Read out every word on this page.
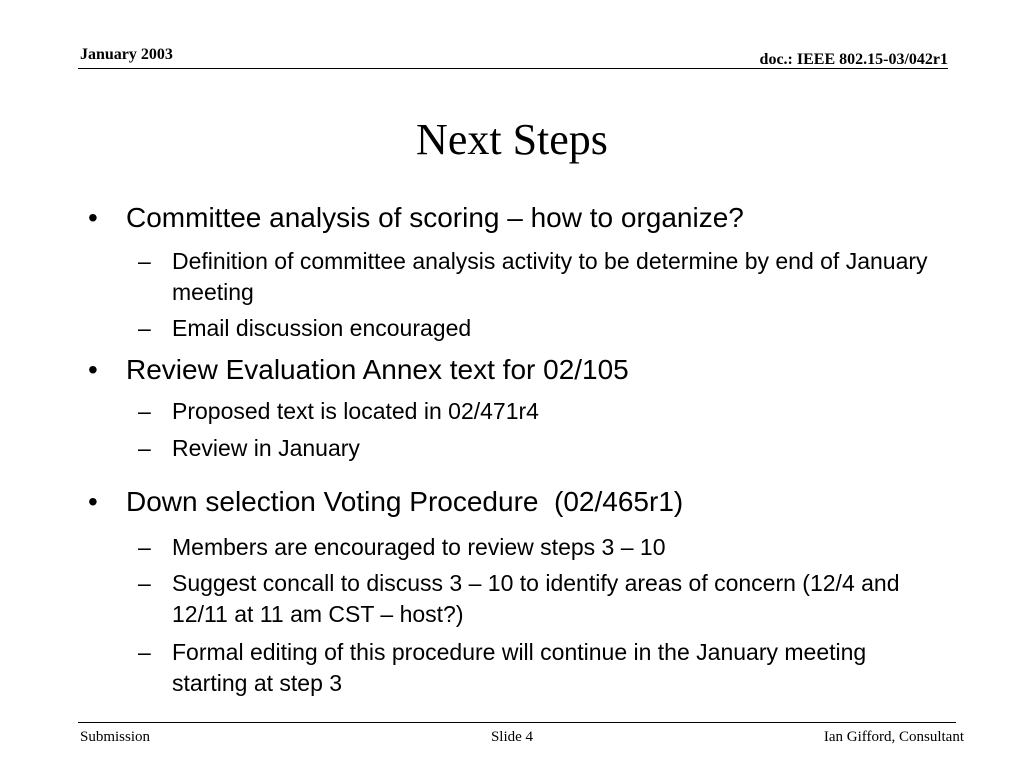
January 2003	doc.: IEEE 802.15-03/042r1
Next Steps
• Committee analysis of scoring – how to organize?
– Definition of committee analysis activity to be determine by end of January meeting
– Email discussion encouraged
• Review Evaluation Annex text for 02/105
– Proposed text is located in 02/471r4
– Review in January
• Down selection Voting Procedure  (02/465r1)
– Members are encouraged to review steps 3 – 10
– Suggest concall to discuss 3 – 10 to identify areas of concern (12/4 and 12/11 at 11 am CST – host?)
– Formal editing of this procedure will continue in the January meeting starting at step 3
Submission	Slide 4	Ian Gifford, Consultant
